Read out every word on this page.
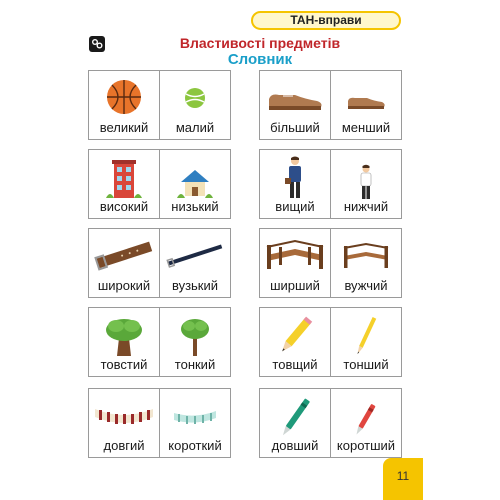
ТАН-вправи
Властивості предметів
Словник
великий	малий	більший	менший
високий	низький	вищий	нижчий
широкий	вузький	ширший	вужчий
товстий	тонкий	товщий	тонший
довгий	короткий	довший	коротший
11
